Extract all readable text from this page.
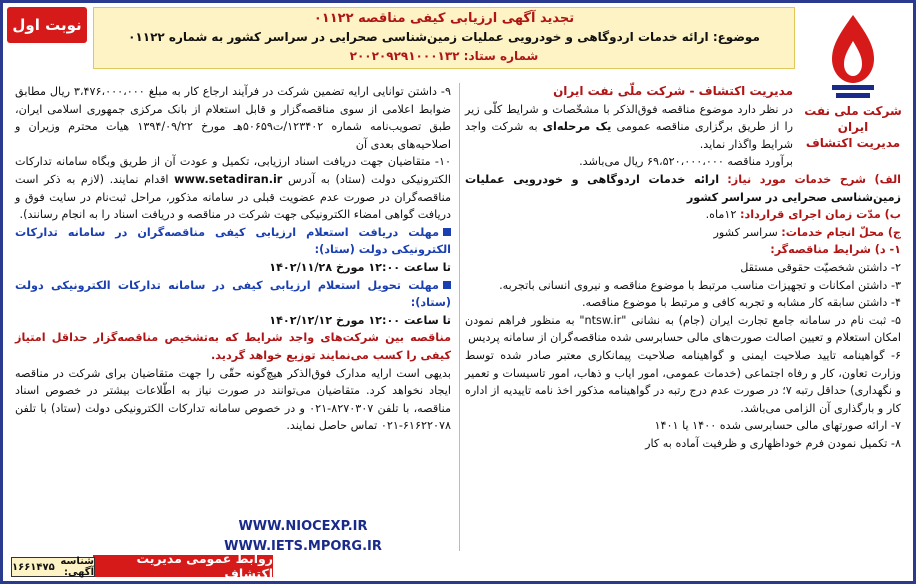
نوبت اول	تجدید آگهی ارزیابی کیفی مناقصه ۰۱۱۲۲
موضوع: ارائه خدمات اردوگاهی و خودرویی عملیات زمین‌شناسی صحرایی در سراسر کشور به شماره ۰۱۱۲۲
شماره ستاد: ۲۰۰۲۰۹۲۹۱۰۰۰۱۳۲
شرکت ملی نفت ایران
مدیریت اکتشاف

مدیریت اکتشاف - شرکت ملّی نفت ایران

در نظر دارد موضوع مناقصه فوق‌الذکر با مشخّصات و شرایط کلّی زیر را از طریق برگزاری مناقصه عمومی یک مرحله‌ای به شرکت واجد شرایط واگذار نماید.

برآورد مناقصه ۶۹،۵۲۰،۰۰۰،۰۰۰ ریال می‌باشد.

الف) شرح خدمات مورد نیاز: ارائه خدمات اردوگاهی و خودرویی عملیات زمین‌شناسی صحرایی در سراسر کشور

ب) مدّت زمان اجرای قرارداد: ۱۲ماه.

ج) محلّ انجام خدمات: سراسر کشور

۱- د) شرایط مناقصه‌گر:

۲- داشتن شخصیّت حقوقی مستقل

۳- داشتن امکانات و تجهیزات مناسب مرتبط با موضوع مناقصه و نیروی انسانی باتجربه.

۴- داشتن سابقه کار مشابه و تجربه کافی و مرتبط با موضوع مناقصه.

۵- ثبت نام در سامانه جامع تجارت ایران (جام) به نشانی "ntsw.ir" به منظور فراهم نمودن امکان استعلام و تعیین اصالت صورت‌های مالی حسابرسی شده مناقصه‌گران از سامانه پردیس

۶- گواهینامه تایید صلاحیت ایمنی و گواهینامه صلاحیت پیمانکاری معتبر صادر شده توسط وزارت تعاون، کار و رفاه اجتماعی (خدمات عمومی، امور ایاب و ذهاب، امور تاسیسات و تعمیر و نگهداری) حداقل رتبه ۷؛ در صورت عدم درج رتبه در گواهینامه مذکور اخذ نامه تاییدیه از اداره کار و بارگذاری آن الزامی می‌باشد.

۷- ارائه صورتهای مالی حسابرسی شده ۱۴۰۰ یا ۱۴۰۱

۸- تکمیل نمودن فرم خوداظهاری و ظرفیت آماده به کار

۹- داشتن توانایی ارایه تضمین شرکت در فرآیند ارجاع کار به مبلغ ۳،۴۷۶،۰۰۰،۰۰۰ ریال مطابق ضوابط اعلامی از سوی مناقصه‌گزار و قابل استعلام از بانک مرکزی جمهوری اسلامی ایران، طبق تصویب‌نامه شماره ۱۲۳۴۰۲/ت۵۰۶۵۹هـ مورخ ۱۳۹۴/۰۹/۲۲ هیات محترم وزیران و اصلاحیه‌های بعدی آن

۱۰- متقاضیان جهت دریافت اسناد ارزیابی، تکمیل و عودت آن از طریق وبگاه سامانه تدارکات الکترونیکی دولت (ستاد) به آدرس www.setadiran.ir اقدام نمایند. (لازم به ذکر است مناقصه‌گران در صورت عدم عضویت قبلی در سامانه مذکور، مراحل ثبت‌نام در سایت فوق و دریافت گواهی امضاء الکترونیکی جهت شرکت در مناقصه و دریافت اسناد را به انجام رسانند).

مهلت دریافت استعلام ارزیابی کیفی مناقصه‌گران در سامانه تدارکات الکترونیکی دولت (ستاد):

تا ساعت ۱۲:۰۰ مورخ ۱۴۰۲/۱۱/۲۸

مهلت تحویل استعلام ارزیابی کیفی در سامانه تدارکات الکترونیکی دولت (ستاد):

تا ساعت ۱۲:۰۰ مورخ ۱۴۰۲/۱۲/۱۲

مناقصه بین شرکت‌های واجد شرایط که به‌تشخیص مناقصه‌گزار حداقل امتیاز کیفی را کسب می‌نمایند توزیع خواهد گردید.

بدیهی است ارایه مدارک فوق‌الذکر هیچ‌گونه حقّی را جهت متقاضیان برای شرکت در مناقصه ایجاد نخواهد کرد. متقاضیان می‌توانند در صورت نیاز به اطّلاعات بیشتر در خصوص اسناد مناقصه، با تلفن ۸۲۷۰۳۰۷-۰۲۱ و در خصوص سامانه تدارکات الکترونیکی دولت (ستاد) با تلفن ۶۱۶۲۲۰۷۸-۰۲۱ تماس حاصل نمایند.

WWW.NIOCEXP.IR
WWW.IETS.MPORG.IR
روابط عمومی مدیریت اکتشاف
شناسه آگهی:
۱۶۶۱۴۷۵
